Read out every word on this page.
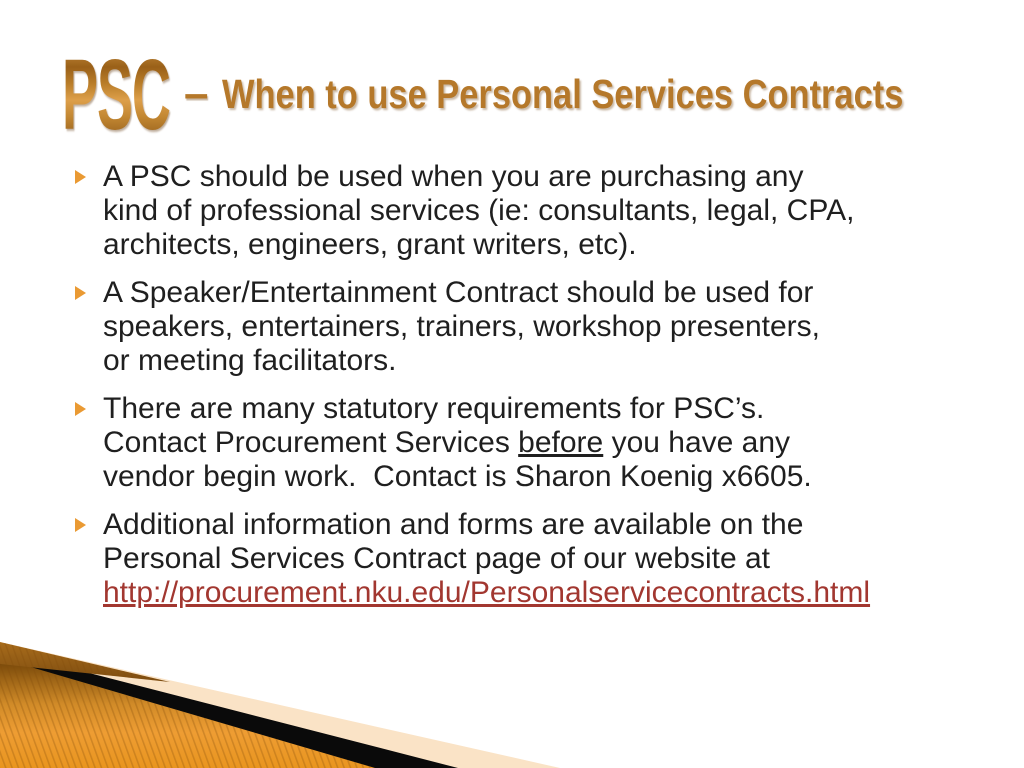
PSC – When to use Personal Services Contracts
A PSC should be used when you are purchasing any
kind of professional services (ie: consultants, legal, CPA,
architects, engineers, grant writers, etc).
A Speaker/Entertainment Contract should be used for
speakers, entertainers, trainers, workshop presenters,
or meeting facilitators.
There are many statutory requirements for PSC’s.
Contact Procurement Services before you have any
vendor begin work.  Contact is Sharon Koenig x6605.
Additional information and forms are available on the
Personal Services Contract page of our website at
http://procurement.nku.edu/Personalservicecontracts.html
